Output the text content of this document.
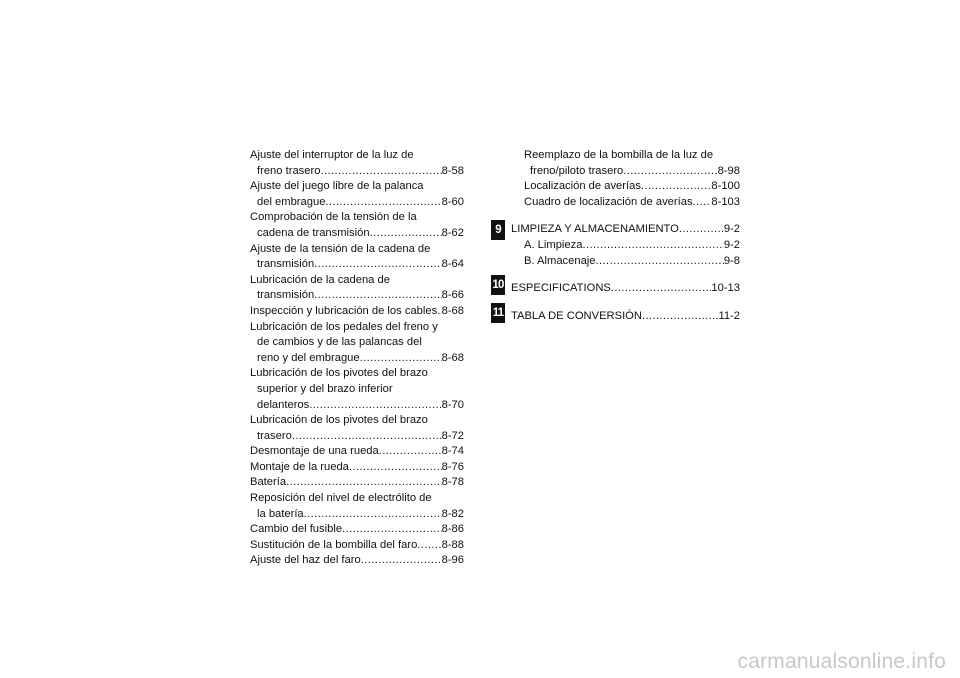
Ajuste del interruptor de la luz de
freno trasero .....	8-58
Ajuste del juego libre de la palanca
del embrague .....	8-60
Comprobación de la tensión de la
cadena de transmisión .....	8-62
Ajuste de la tensión de la cadena de
transmisión .....	8-64
Lubricación de la cadena de
transmisión .....	8-66
Inspección y lubricación de los cables ..... 8-68
Lubricación de los pedales del freno y
de cambios y de las palancas del
reno y del embrague .....	8-68
Lubricación de los pivotes del brazo
superior y del brazo inferior
delanteros .....	8-70
Lubricación de los pivotes del brazo
trasero .....	8-72
Desmontaje de una rueda .....	8-74
Montaje de la rueda .....	8-76
Batería .....	8-78
Reposición del nivel de electrólito de
la batería .....	8-82
Cambio del fusible .....	8-86
Sustitución de la bombilla del faro ..... 8-88
Ajuste del haz del faro .....	8-96
Reemplazo de la bombilla de la luz de
freno/piloto trasero .....	8-98
Localización de averías .....	8-100
Cuadro de localización de averías ..... 8-103
LIMPIEZA Y ALMACENAMIENTO .....	9-2
A. Limpieza .....	9-2
B. Almacenaje .....	9-8
ESPECIFICATIONS .....	10-13
TABLA DE CONVERSIÓN .....	11-2
9
10
11
carmanualsonline.info
